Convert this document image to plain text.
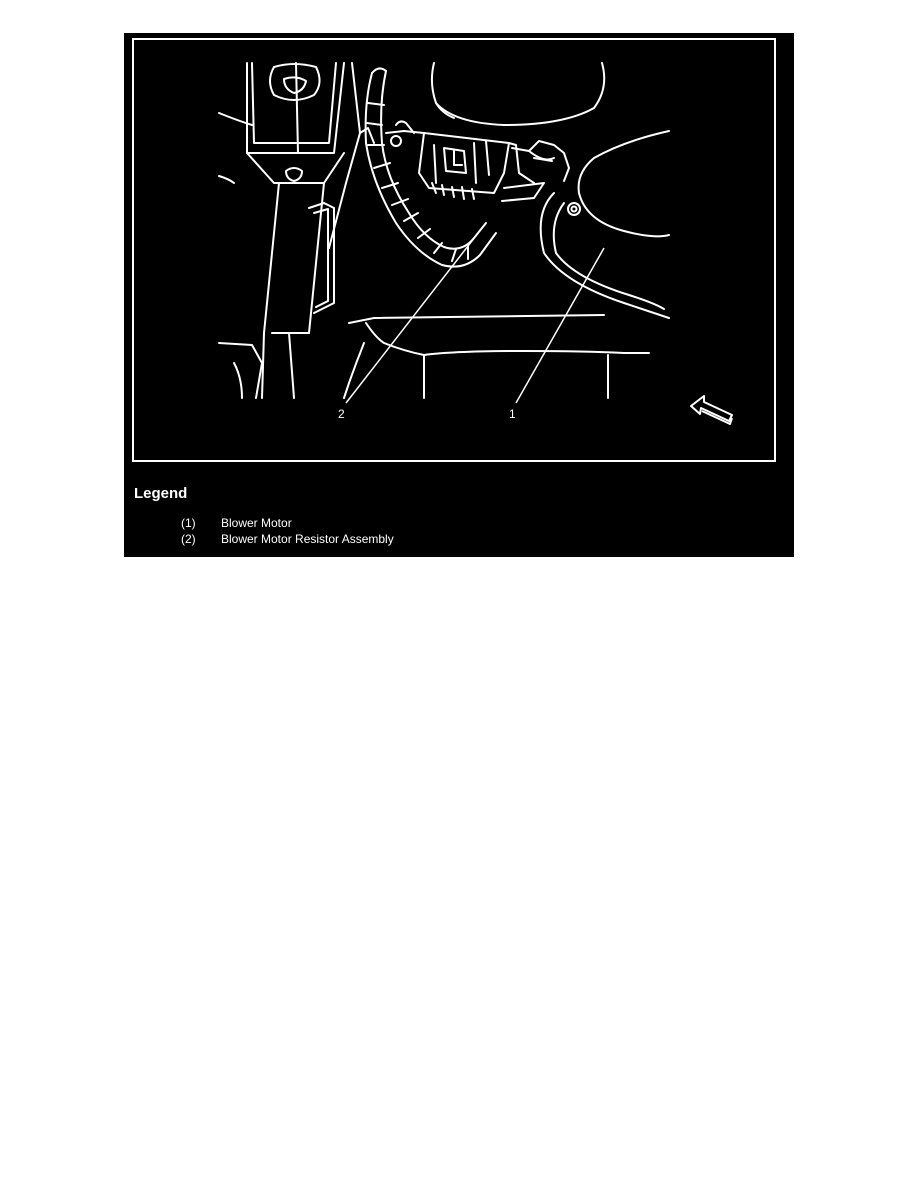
2	1
Legend
(1) Blower Motor
(2) Blower Motor Resistor Assembly
